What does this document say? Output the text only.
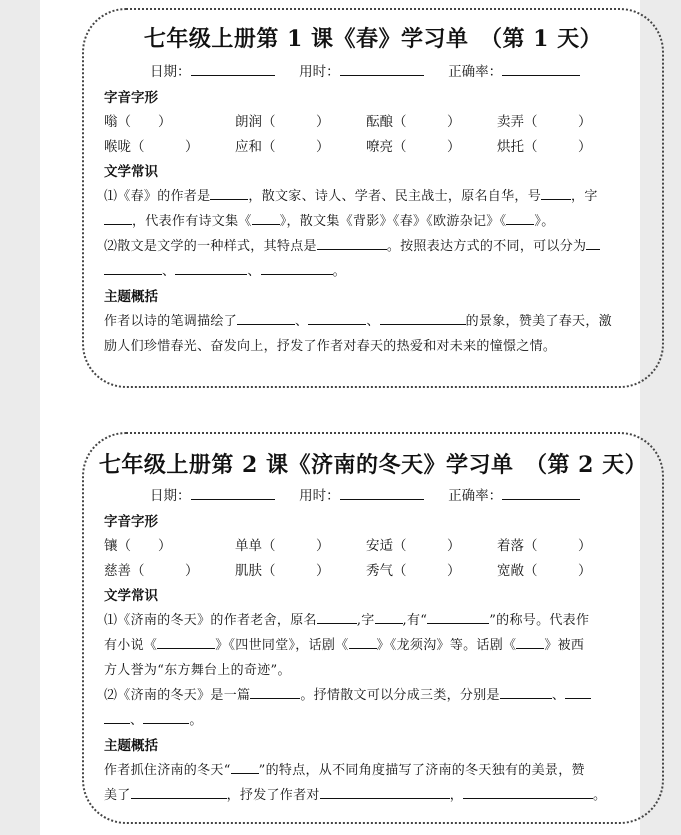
七年级上册第 1 课《春》学习单　（第 1 天）
日期：	用时：	正确率：
字音字形
嗡（　　）	朗润（　　　）	酝酿（　　　）	卖弄（　　　）
喉咙（　　　）	应和（　　　）	嘹亮（　　　）	烘托（　　　）
文学常识
⑴《春》的作者是	，散文家、诗人、学者、民主战士，原名自华，号 ，字
，代表作有诗文集《 》，散文集《背影》《春》《欧游杂记》《 》。
⑵散文是文学的一种样式，其特点是	。按照表达方式的不同，可以分为
、	、	。
主题概括
作者以诗的笔调描绘了	、	、	的景象，赞美了春天，激
励人们珍惜春光、奋发向上，抒发了作者对春天的热爱和对未来的憧憬之情。
七年级上册第 2 课《济南的冬天》学习单　（第 2 天）
日期：	用时：	正确率：
字音字形
镶（　　）	单单（　　　）	安适（　　　）	着落（　　　）
慈善（　　　）	肌肤（　　　）	秀气（　　　）	宽敞（　　　）
文学常识
⑴《济南的冬天》的作者老舍，原名	,字 ,有“	”的称号。代表作
有小说《	》《四世同堂》，话剧《 》《龙须沟》等。话剧《 》被西
方人誉为“东方舞台上的奇迹”。
⑵《济南的冬天》是一篇	。抒情散文可以分成三类，分别是	、
、	。
主题概括
作者抓住济南的冬天“ ”的特点，从不同角度描写了济南的冬天独有的美景，赞
美了	，抒发了作者对	，	。
